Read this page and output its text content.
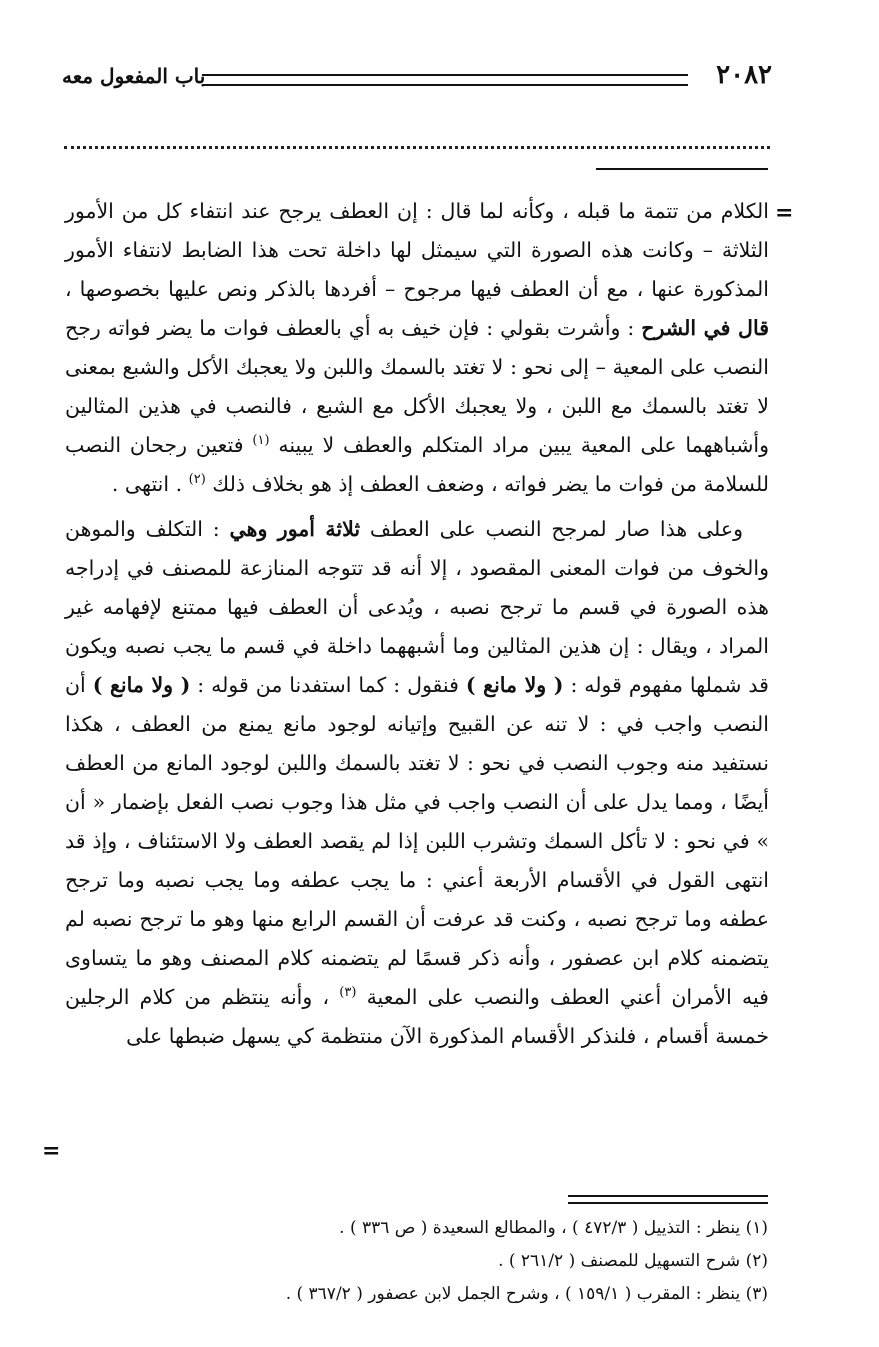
٢٠٨٢
باب المفعول معه
=

الكلام من تتمة ما قبله ، وكأنه لما قال : إن العطف يرجح عند انتفاء كل من الأمور الثلاثة – وكانت هذه الصورة التي سيمثل لها داخلة تحت هذا الضابط لانتفاء الأمور المذكورة عنها ، مع أن العطف فيها مرجوح – أفردها بالذكر ونص عليها بخصوصها ، قال في الشرح : وأشرت بقولي : فإن خيف به أي بالعطف فوات ما يضر فواته رجح النصب على المعية – إلى نحو : لا تغتد بالسمك واللبن ولا يعجبك الأكل والشبع بمعنى لا تغتد بالسمك مع اللبن ، ولا يعجبك الأكل مع الشبع ، فالنصب في هذين المثالين وأشباههما على المعية يبين مراد المتكلم والعطف لا يبينه $^{(١)}$ فتعين رجحان النصب للسلامة من فوات ما يضر فواته ، وضعف العطف إذ هو بخلاف ذلك $^{(٢)}$ . انتهى .

وعلى هذا صار لمرجح النصب على العطف ثلاثة أمور وهي : التكلف والموهن والخوف من فوات المعنى المقصود ، إلا أنه قد تتوجه المنازعة للمصنف في إدراجه هذه الصورة في قسم ما ترجح نصبه ، ويُدعى أن العطف فيها ممتنع لإفهامه غير المراد ، ويقال : إن هذين المثالين وما أشبههما داخلة في قسم ما يجب نصبه ويكون قد شملها مفهوم قوله : ( ولا مانع ) فنقول : كما استفدنا من قوله : ( ولا مانع ) أن النصب واجب في : لا تنه عن القبيح وإتيانه لوجود مانع يمنع من العطف ، هكذا نستفيد منه وجوب النصب في نحو : لا تغتد بالسمك واللبن لوجود المانع من العطف أيضًا ، ومما يدل على أن النصب واجب في مثل هذا وجوب نصب الفعل بإضمار « أن » في نحو : لا تأكل السمك وتشرب اللبن إذا لم يقصد العطف ولا الاستئناف ، وإذ قد انتهى القول في الأقسام الأربعة أعني : ما يجب عطفه وما يجب نصبه وما ترجح عطفه وما ترجح نصبه ، وكنت قد عرفت أن القسم الرابع منها وهو ما ترجح نصبه لم يتضمنه كلام ابن عصفور ، وأنه ذكر قسمًا لم يتضمنه كلام المصنف وهو ما يتساوى فيه الأمران أعني العطف والنصب على المعية $^{(٣)}$ ، وأنه ينتظم من كلام الرجلين خمسة أقسام ، فلنذكر الأقسام المذكورة الآن منتظمة كي يسهل ضبطها على

=

(١) ينظر : التذييل ( ٤٧٢/٣ ) ، والمطالع السعيدة ( ص ٣٣٦ ) .

(٢) شرح التسهيل للمصنف ( ٢٦١/٢ ) .

(٣) ينظر : المقرب ( ١٥٩/١ ) ، وشرح الجمل لابن عصفور ( ٣٦٧/٢ ) .
